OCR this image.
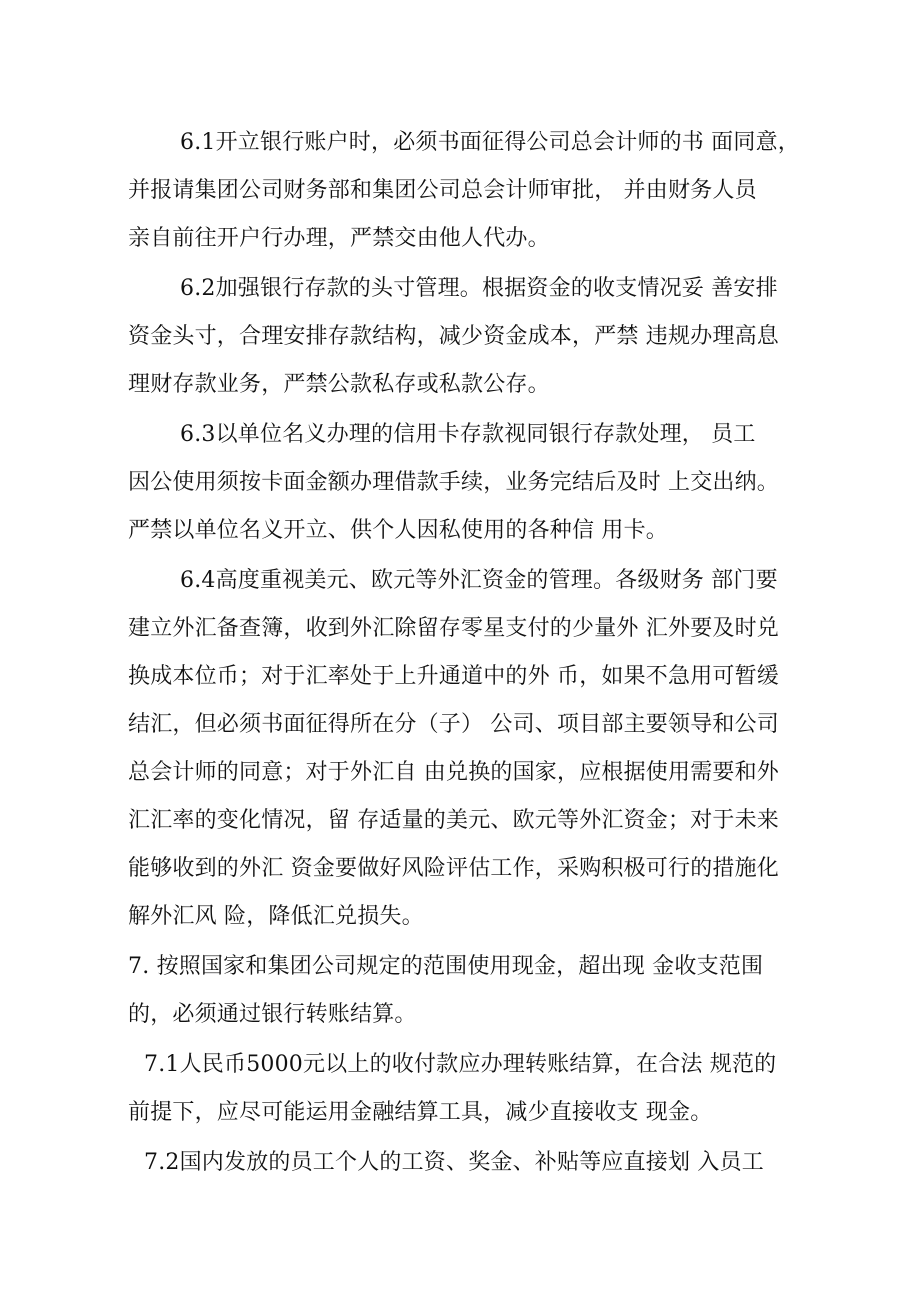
6.1开立银行账户时，必须书面征得公司总会计师的书 面同意，
并报请集团公司财务部和集团公司总会计师审批， 并由财务人员
亲自前往开户行办理，严禁交由他人代办。
6.2加强银行存款的头寸管理。根据资金的收支情况妥 善安排
资金头寸，合理安排存款结构，减少资金成本，严禁 违规办理高息
理财存款业务，严禁公款私存或私款公存。
6.3以单位名义办理的信用卡存款视同银行存款处理， 员工
因公使用须按卡面金额办理借款手续，业务完结后及时 上交出纳。
严禁以单位名义开立、供个人因私使用的各种信 用卡。
6.4高度重视美元、欧元等外汇资金的管理。各级财务 部门要
建立外汇备查簿，收到外汇除留存零星支付的少量外 汇外要及时兑
换成本位币；对于汇率处于上升通道中的外 币，如果不急用可暂缓
结汇，但必须书面征得所在分（子） 公司、项目部主要领导和公司
总会计师的同意；对于外汇自 由兑换的国家，应根据使用需要和外
汇汇率的变化情况，留 存适量的美元、欧元等外汇资金；对于未来
能够收到的外汇 资金要做好风险评估工作，采购积极可行的措施化
解外汇风 险，降低汇兑损失。
7. 按照国家和集团公司规定的范围使用现金，超出现 金收支范围
的，必须通过银行转账结算。
7.1人民币5000元以上的收付款应办理转账结算，在合法 规范的
前提下，应尽可能运用金融结算工具，减少直接收支 现金。
7.2国内发放的员工个人的工资、奖金、补贴等应直接划 入员工
